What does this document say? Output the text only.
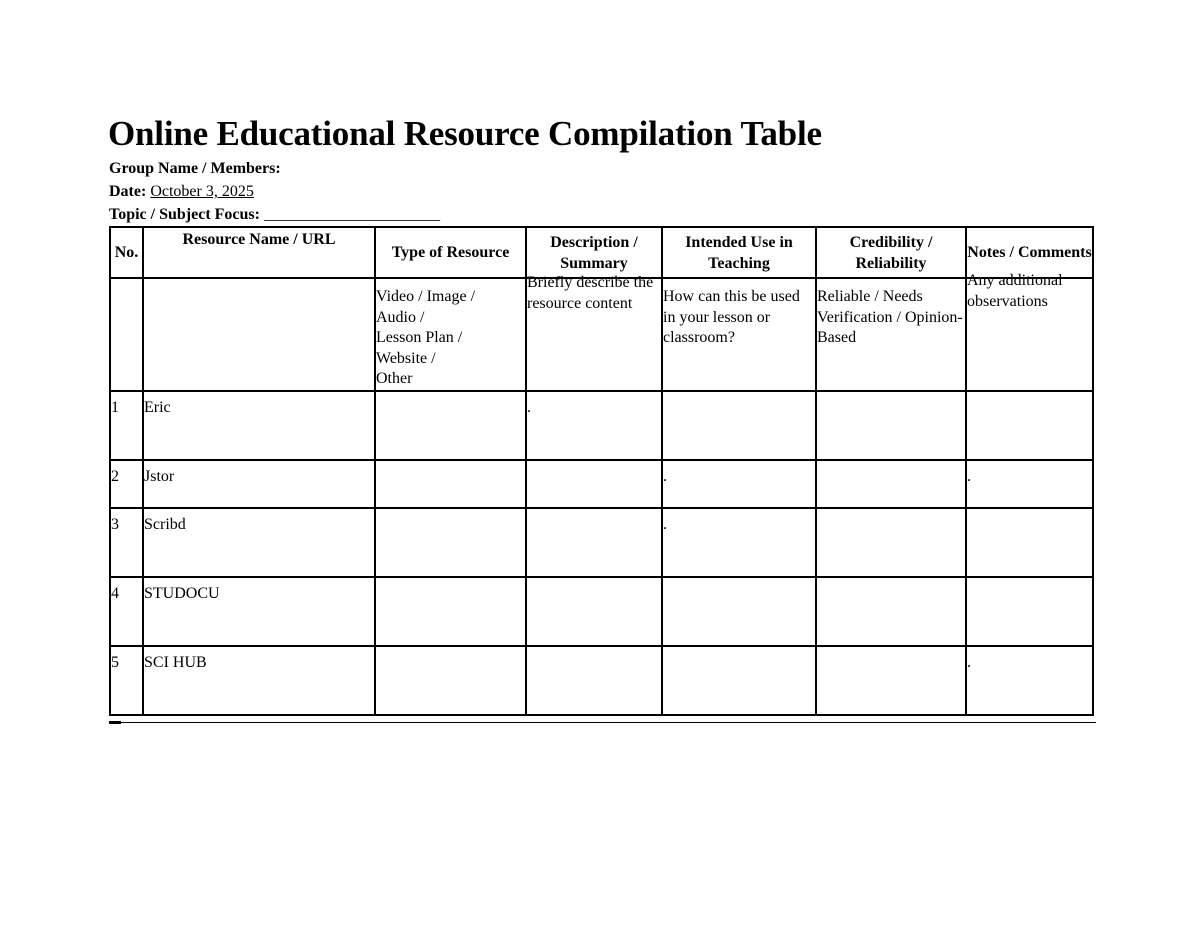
Online Educational Resource Compilation Table
Group Name / Members:
Date: October 3, 2025
Topic / Subject Focus: ______________________
No.	Resource Name / URL	Type of Resource	Description / Summary	Intended Use in Teaching	Credibility / Reliability	Notes / Comments

		Video / Image /
Audio /
Lesson Plan /
Website /
Other	Briefly describe the resource content	How can this be used in your lesson or classroom?	Reliable / Needs Verification / Opinion-Based	Any additional observations

1	Eric		.			

2	Jstor			.		.

3	Scribd			.		

4	STUDOCU					

5	SCI HUB					.
